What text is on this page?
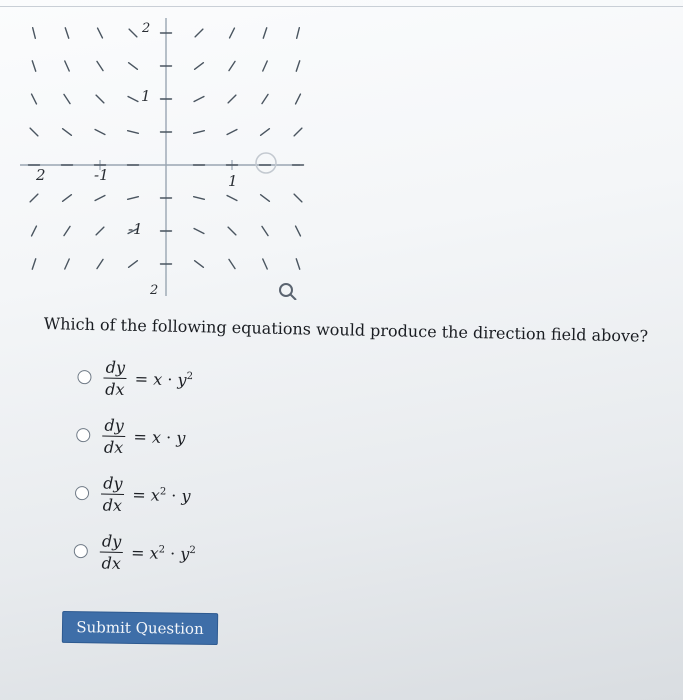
2	-1	1
1
-1
2
2
Which of the following equations would produce the direction field above?
$\frac{dy}{dx} = x \cdot y^2$
$\frac{dy}{dx} = x \cdot y$
$\frac{dy}{dx} = x^2 \cdot y$
$\frac{dy}{dx} = x^2 \cdot y^2$
Submit Question
